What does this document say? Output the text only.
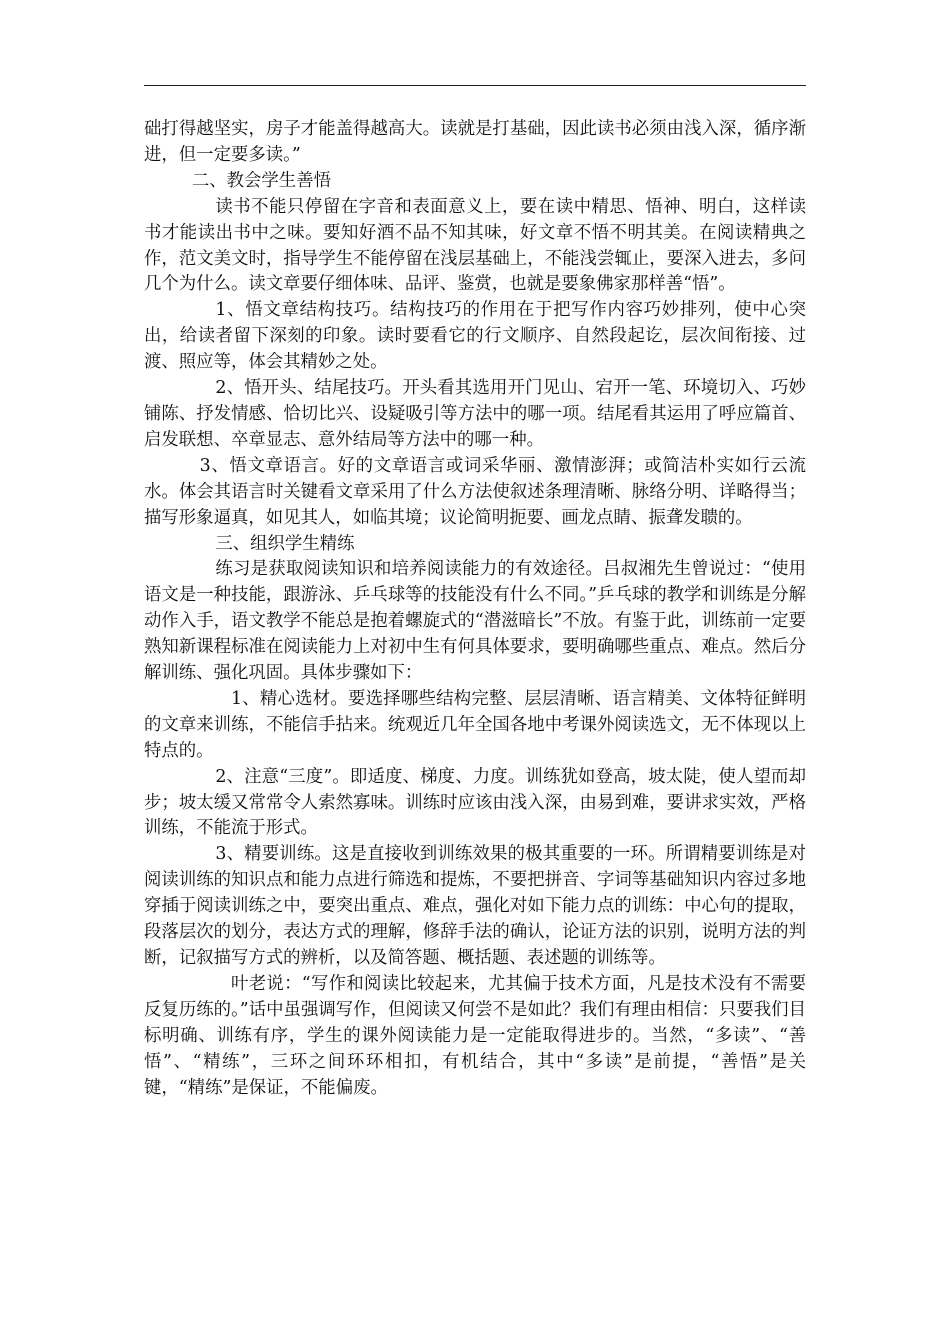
础打得越坚实，房子才能盖得越高大。读就是打基础，因此读书必须由浅入深，循序渐进，但一定要多读。”

二、教会学生善悟

读书不能只停留在字音和表面意义上，要在读中精思、悟神、明白，这样读书才能读出书中之味。要知好酒不品不知其味，好文章不悟不明其美。在阅读精典之作，范文美文时，指导学生不能停留在浅层基础上，不能浅尝辄止，要深入进去，多问几个为什么。读文章要仔细体味、品评、鉴赏，也就是要象佛家那样善“悟”。

1、悟文章结构技巧。结构技巧的作用在于把写作内容巧妙排列，使中心突出，给读者留下深刻的印象。读时要看它的行文顺序、自然段起讫，层次间衔接、过渡、照应等，体会其精妙之处。

2、悟开头、结尾技巧。开头看其选用开门见山、宕开一笔、环境切入、巧妙铺陈、抒发情感、恰切比兴、设疑吸引等方法中的哪一项。结尾看其运用了呼应篇首、启发联想、卒章显志、意外结局等方法中的哪一种。

3、悟文章语言。好的文章语言或词采华丽、激情澎湃；或简洁朴实如行云流水。体会其语言时关键看文章采用了什么方法使叙述条理清晰、脉络分明、详略得当；描写形象逼真，如见其人，如临其境；议论简明扼要、画龙点睛、振聋发聩的。

三、组织学生精练

练习是获取阅读知识和培养阅读能力的有效途径。吕叔湘先生曾说过：“使用语文是一种技能，跟游泳、乒乓球等的技能没有什么不同。”乒乓球的教学和训练是分解动作入手，语文教学不能总是抱着螺旋式的“潜滋暗长”不放。有鉴于此，训练前一定要熟知新课程标准在阅读能力上对初中生有何具体要求，要明确哪些重点、难点。然后分解训练、强化巩固。具体步骤如下：

1、精心选材。要选择哪些结构完整、层层清晰、语言精美、文体特征鲜明的文章来训练，不能信手拈来。统观近几年全国各地中考课外阅读选文，无不体现以上特点的。

2、注意“三度”。即适度、梯度、力度。训练犹如登高，坡太陡，使人望而却步；坡太缓又常常令人索然寡味。训练时应该由浅入深，由易到难，要讲求实效，严格训练，不能流于形式。

3、精要训练。这是直接收到训练效果的极其重要的一环。所谓精要训练是对阅读训练的知识点和能力点进行筛选和提炼，不要把拼音、字词等基础知识内容过多地穿插于阅读训练之中，要突出重点、难点，强化对如下能力点的训练：中心句的提取，段落层次的划分，表达方式的理解，修辞手法的确认，论证方法的识别，说明方法的判断，记叙描写方式的辨析，以及简答题、概括题、表述题的训练等。

叶老说：“写作和阅读比较起来，尤其偏于技术方面，凡是技术没有不需要反复历练的。”话中虽强调写作，但阅读又何尝不是如此？我们有理由相信：只要我们目标明确、训练有序，学生的课外阅读能力是一定能取得进步的。当然，“多读”、“善悟”、“精练”，三环之间环环相扣，有机结合，其中“多读”是前提，“善悟”是关键，“精练”是保证，不能偏废。
